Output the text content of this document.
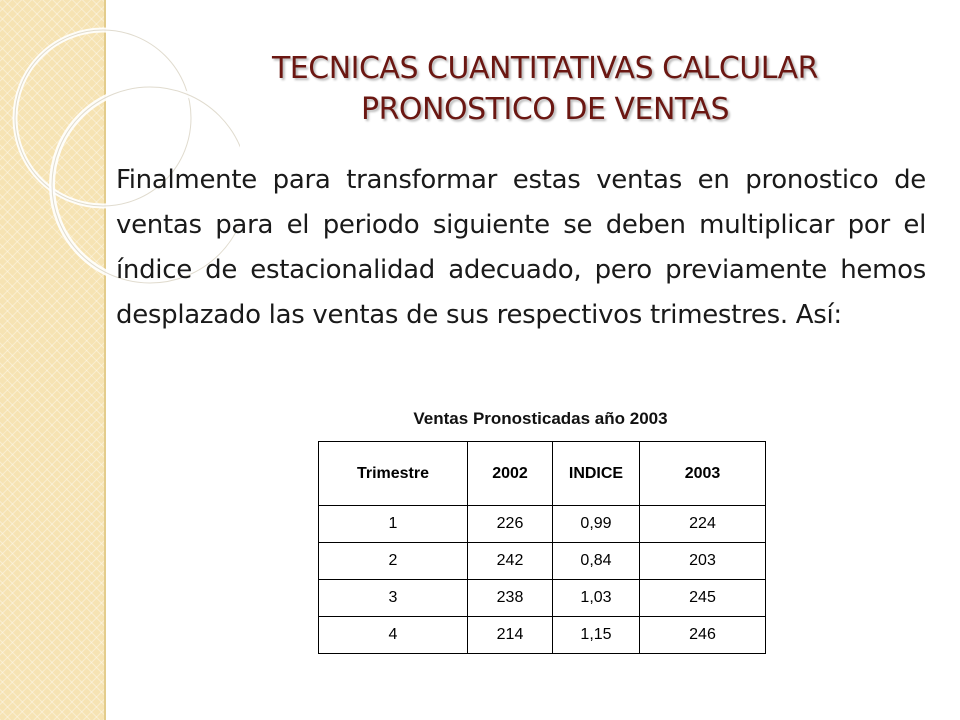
TECNICAS CUANTITATIVAS CALCULAR
PRONOSTICO DE VENTAS

Finalmente para transformar estas ventas en pronostico de ventas para el periodo siguiente se deben multiplicar por el índice de estacionalidad adecuado, pero previamente hemos desplazado las ventas de sus respectivos trimestres. Así:

Ventas Pronosticadas año 2003
Trimestre	2002	INDICE	2003
1	226	0,99	224
2	242	0,84	203
3	238	1,03	245
4	214	1,15	246
